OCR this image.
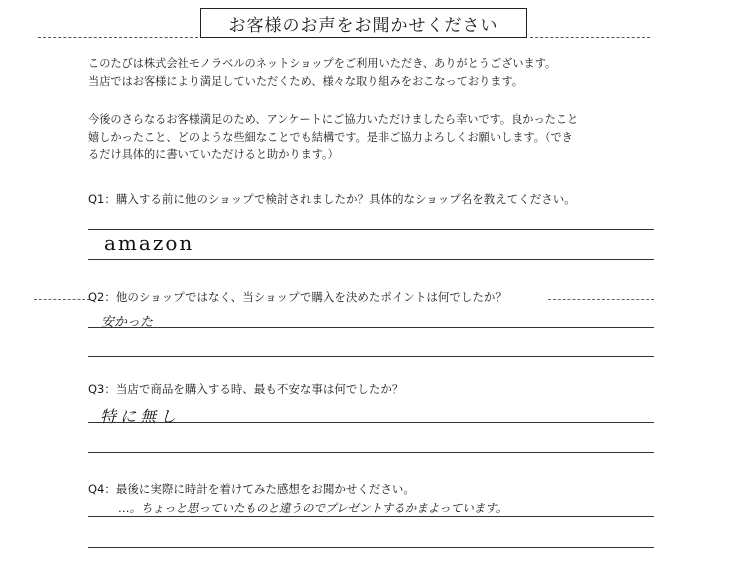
お客様のお声をお聞かせください
このたびは株式会社モノラベルのネットショップをご利用いただき、ありがとうございます。
当店ではお客様により満足していただくため、様々な取り組みをおこなっております。
今後のさらなるお客様満足のため、アンケートにご協力いただけましたら幸いです。良かったこと
嬉しかったこと、どのような些細なことでも結構です。是非ご協力よろしくお願いします。（でき
るだけ具体的に書いていただけると助かります。）
Q1：購入する前に他のショップで検討されましたか？具体的なショップ名を教えてください。
amazon
Q2：他のショップではなく、当ショップで購入を決めたポイントは何でしたか？
安かった
Q3：当店で商品を購入する時、最も不安な事は何でしたか？
特に無し
Q4：最後に実際に時計を着けてみた感想をお聞かせください。
…。ちょっと思っていたものと違うのでプレゼントするかまよっています。
